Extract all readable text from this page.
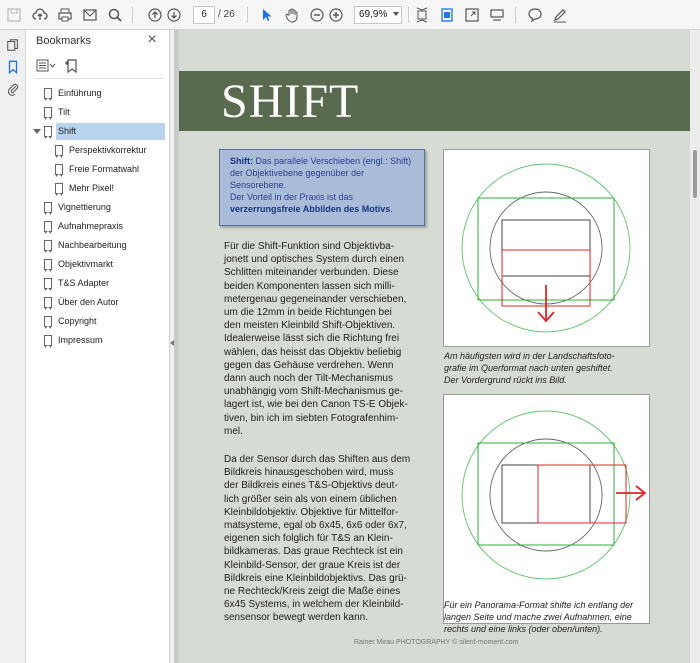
6	/ 26	69,9%
Bookmarks	×
Einführung
Tilt
Shift
Perspektivkorrektur
Freie Formatwahl
Mehr Pixel!
Vignettierung
Aufnahmepraxis
Nachbearbeitung
Objektivmarkt
T&S Adapter
Über den Autor
Copyright
Impressum
SHIFT
Shift: Das parallele Verschieben (engl.: Shift) der Objektivebene gegenüber der Sensorebene.
Der Vorteil in der Praxis ist das verzerrungsfreie Abbilden des Motivs.
Für die Shift-Funktion sind Objektivba-
jonett und optisches System durch einen
Schlitten miteinander verbunden. Diese
beiden Komponenten lassen sich milli-
metergenau gegeneinander verschieben,
um die 12mm in beide Richtungen bei
den meisten Kleinbild Shift-Objektiven.
Idealerweise lässt sich die Richtung frei
wählen, das heisst das Objektiv beliebig
gegen das Gehäuse verdrehen. Wenn
dann auch noch der Tilt-Mechanismus
unabhängig vom Shift-Mechanismus ge-
lagert ist, wie bei den Canon TS-E Objek-
tiven, bin ich im siebten Fotografenhim-
mel.
Da der Sensor durch das Shiften aus dem
Bildkreis hinausgeschoben wird, muss
der Bildkreis eines T&S-Objektivs deut-
lich größer sein als von einem üblichen
Kleinbildobjektiv. Objektive für Mittelfor-
matsysteme, egal ob 6x45, 6x6 oder 6x7,
eigenen sich folglich für T&S an Klein-
bildkameras. Das graue Rechteck ist ein
Kleinbild-Sensor, der graue Kreis ist der
Bildkreis eine Kleinbildobjektivs. Das grü-
ne Rechteck/Kreis zeigt die Maße eines
6x45 Systems, in welchem der Kleinbild-
sensensor bewegt werden kann.
Am häufigsten wird in der Landschaftsfoto-
grafie im Querformat nach unten geshiftet.
Der Vordergrund rückt ins Bild.
Für ein Panorama-Format shifte ich entlang der
langen Seite und mache zwei Aufnahmen, eine
rechts und eine links (oder oben/unten).
Rainer Mirau PHOTOGRAPHY © silent-moment.com
